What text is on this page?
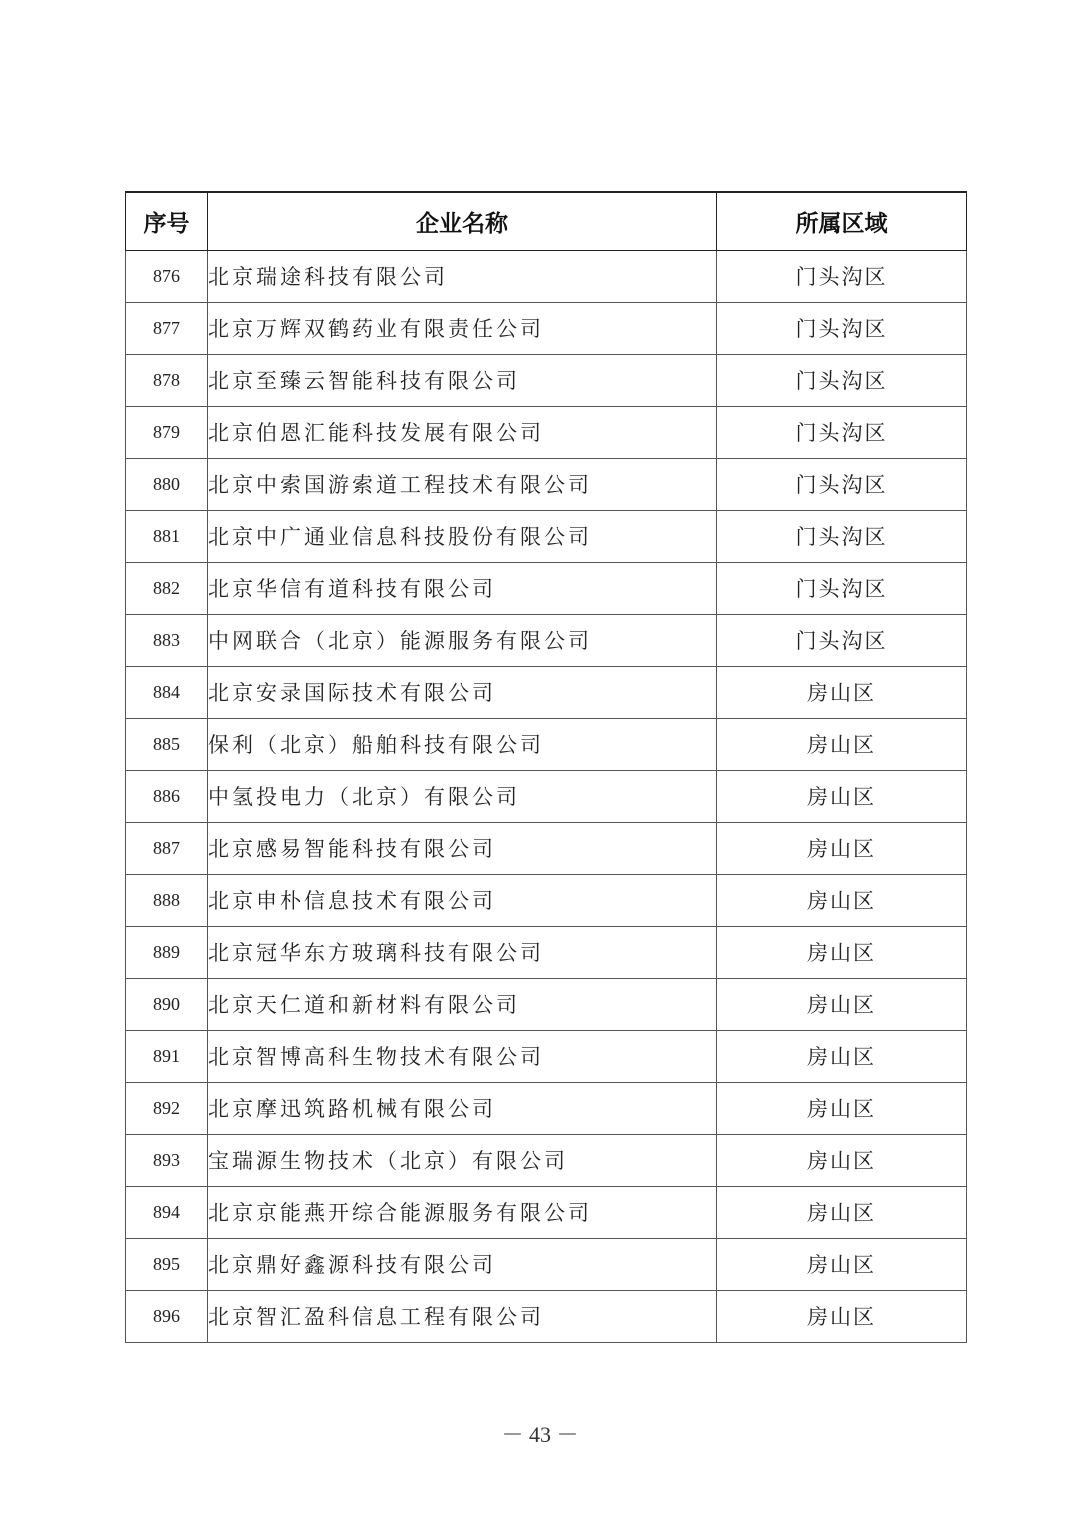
序号	企业名称	所属区域
876	北京瑞途科技有限公司	门头沟区
877	北京万辉双鹤药业有限责任公司	门头沟区
878	北京至臻云智能科技有限公司	门头沟区
879	北京伯恩汇能科技发展有限公司	门头沟区
880	北京中索国游索道工程技术有限公司	门头沟区
881	北京中广通业信息科技股份有限公司	门头沟区
882	北京华信有道科技有限公司	门头沟区
883	中网联合（北京）能源服务有限公司	门头沟区
884	北京安录国际技术有限公司	房山区
885	保利（北京）船舶科技有限公司	房山区
886	中氢投电力（北京）有限公司	房山区
887	北京感易智能科技有限公司	房山区
888	北京申朴信息技术有限公司	房山区
889	北京冠华东方玻璃科技有限公司	房山区
890	北京天仁道和新材料有限公司	房山区
891	北京智博高科生物技术有限公司	房山区
892	北京摩迅筑路机械有限公司	房山区
893	宝瑞源生物技术（北京）有限公司	房山区
894	北京京能燕开综合能源服务有限公司	房山区
895	北京鼎好鑫源科技有限公司	房山区
896	北京智汇盈科信息工程有限公司	房山区
－ 43 －
